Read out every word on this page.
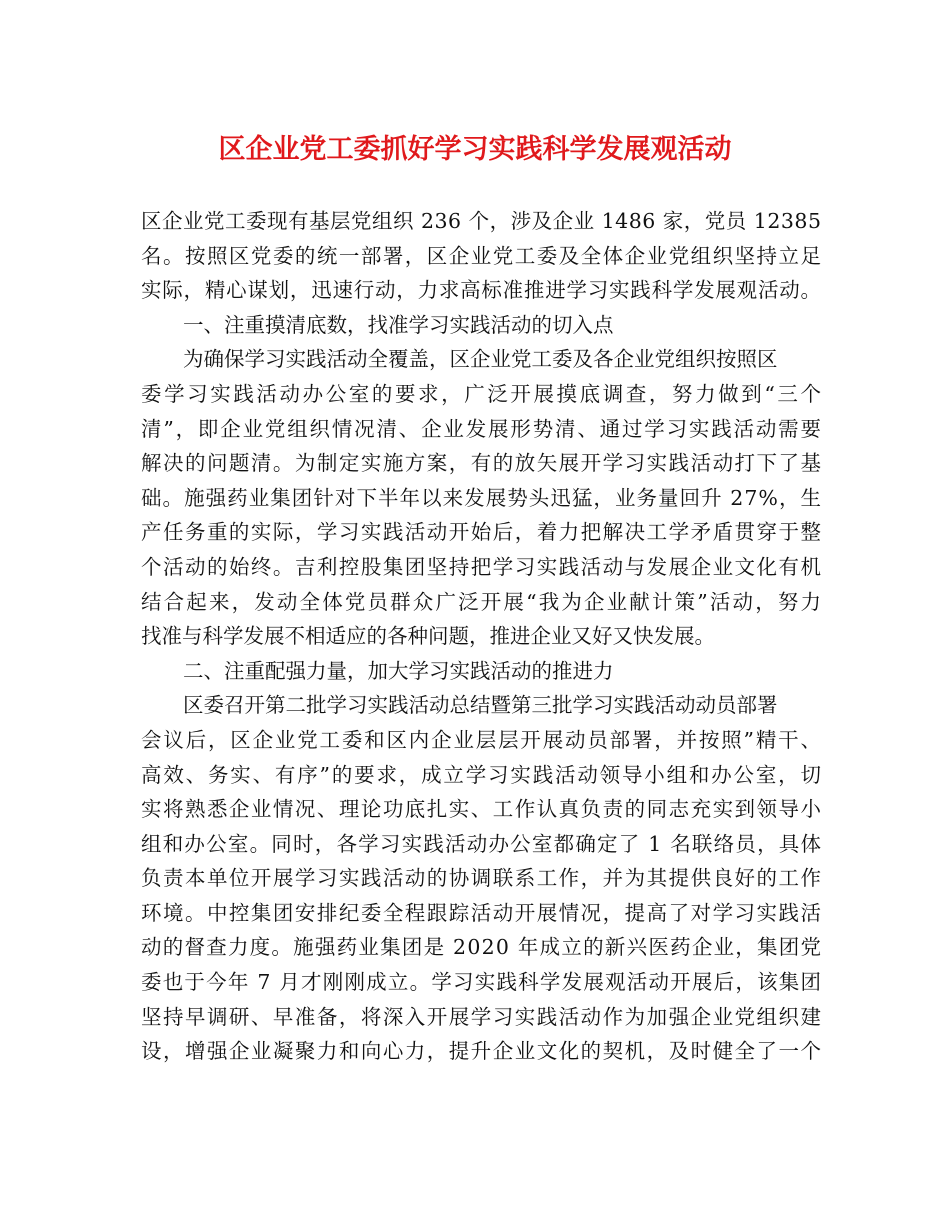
区企业党工委抓好学习实践科学发展观活动
区企业党工委现有基层党组织 236 个，涉及企业 1486 家，党员 12385
名。按照区党委的统一部署，区企业党工委及全体企业党组织坚持立足
实际，精心谋划，迅速行动，力求高标准推进学习实践科学发展观活动。
一、注重摸清底数，找准学习实践活动的切入点
为确保学习实践活动全覆盖，区企业党工委及各企业党组织按照区
委学习实践活动办公室的要求，广泛开展摸底调查，努力做到“三个
清”，即企业党组织情况清、企业发展形势清、通过学习实践活动需要
解决的问题清。为制定实施方案，有的放矢展开学习实践活动打下了基
础。施强药业集团针对下半年以来发展势头迅猛，业务量回升 27%，生
产任务重的实际，学习实践活动开始后，着力把解决工学矛盾贯穿于整
个活动的始终。吉利控股集团坚持把学习实践活动与发展企业文化有机
结合起来，发动全体党员群众广泛开展“我为企业献计策”活动，努力
找准与科学发展不相适应的各种问题，推进企业又好又快发展。
二、注重配强力量，加大学习实践活动的推进力
区委召开第二批学习实践活动总结暨第三批学习实践活动动员部署
会议后，区企业党工委和区内企业层层开展动员部署，并按照”精干、
高效、务实、有序”的要求，成立学习实践活动领导小组和办公室，切
实将熟悉企业情况、理论功底扎实、工作认真负责的同志充实到领导小
组和办公室。同时，各学习实践活动办公室都确定了 1 名联络员，具体
负责本单位开展学习实践活动的协调联系工作，并为其提供良好的工作
环境。中控集团安排纪委全程跟踪活动开展情况，提高了对学习实践活
动的督查力度。施强药业集团是 2020 年成立的新兴医药企业，集团党
委也于今年 7 月才刚刚成立。学习实践科学发展观活动开展后，该集团
坚持早调研、早准备，将深入开展学习实践活动作为加强企业党组织建
设，增强企业凝聚力和向心力，提升企业文化的契机，及时健全了一个
